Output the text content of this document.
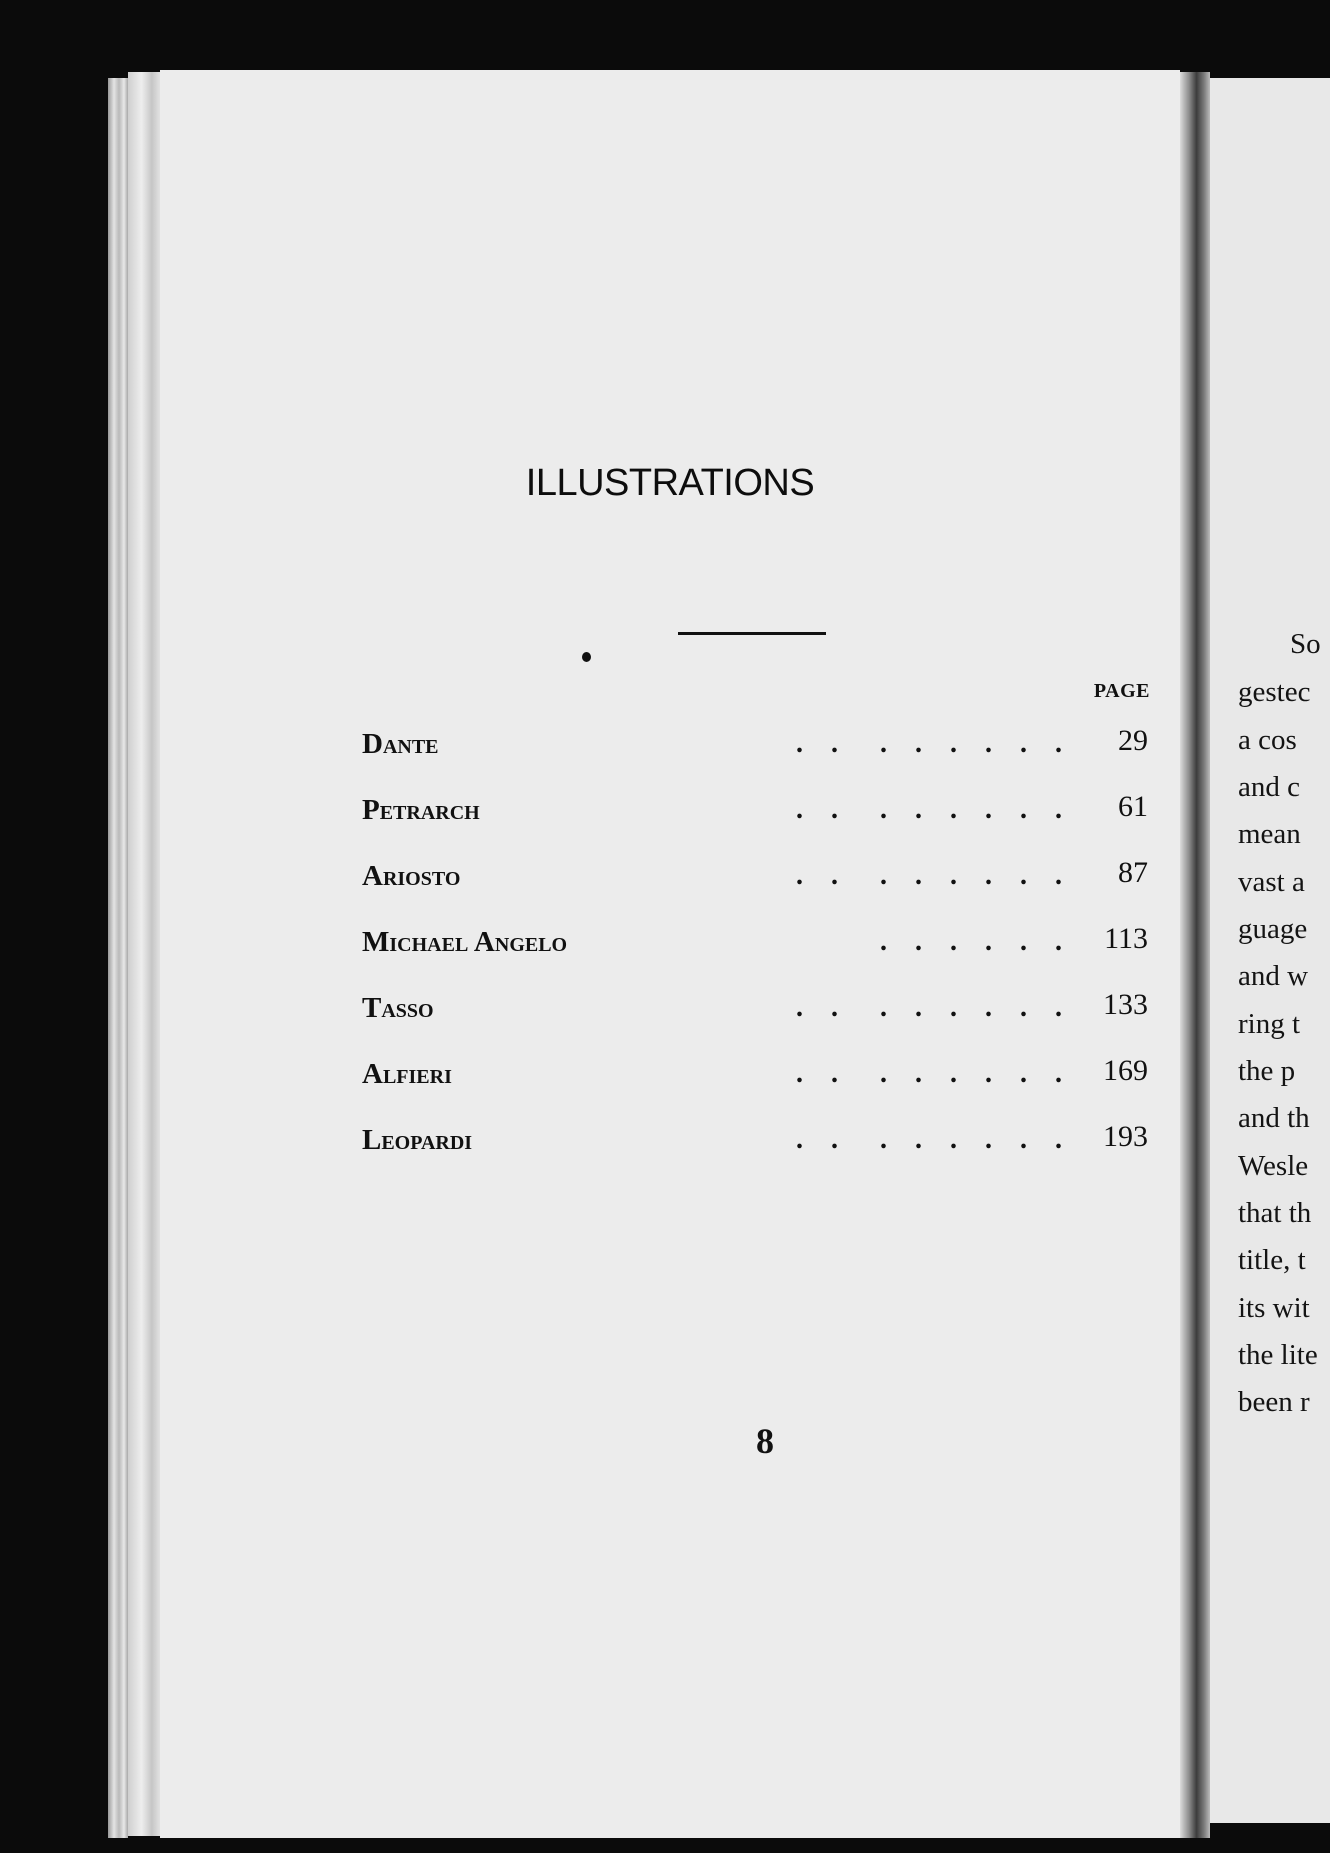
ILLUSTRATIONS
PAGE
Dante	.    .      .    .    .    .    .    .	29
Petrarch	.    .      .    .    .    .    .    .	61
Ariosto	.    .      .    .    .    .    .    .	87
Michael Angelo	.    .    .    .    .    .	113
Tasso	.    .      .    .    .    .    .    .	133
Alfieri	.    .      .    .    .    .    .    .	169
Leopardi	.    .      .    .    .    .    .    .	193
8
So
gestec
a cos
and c
mean
vast a
guage
and w
ring t
the p
and th
Wesle
that th
title, t
its wit
the lite
been r
